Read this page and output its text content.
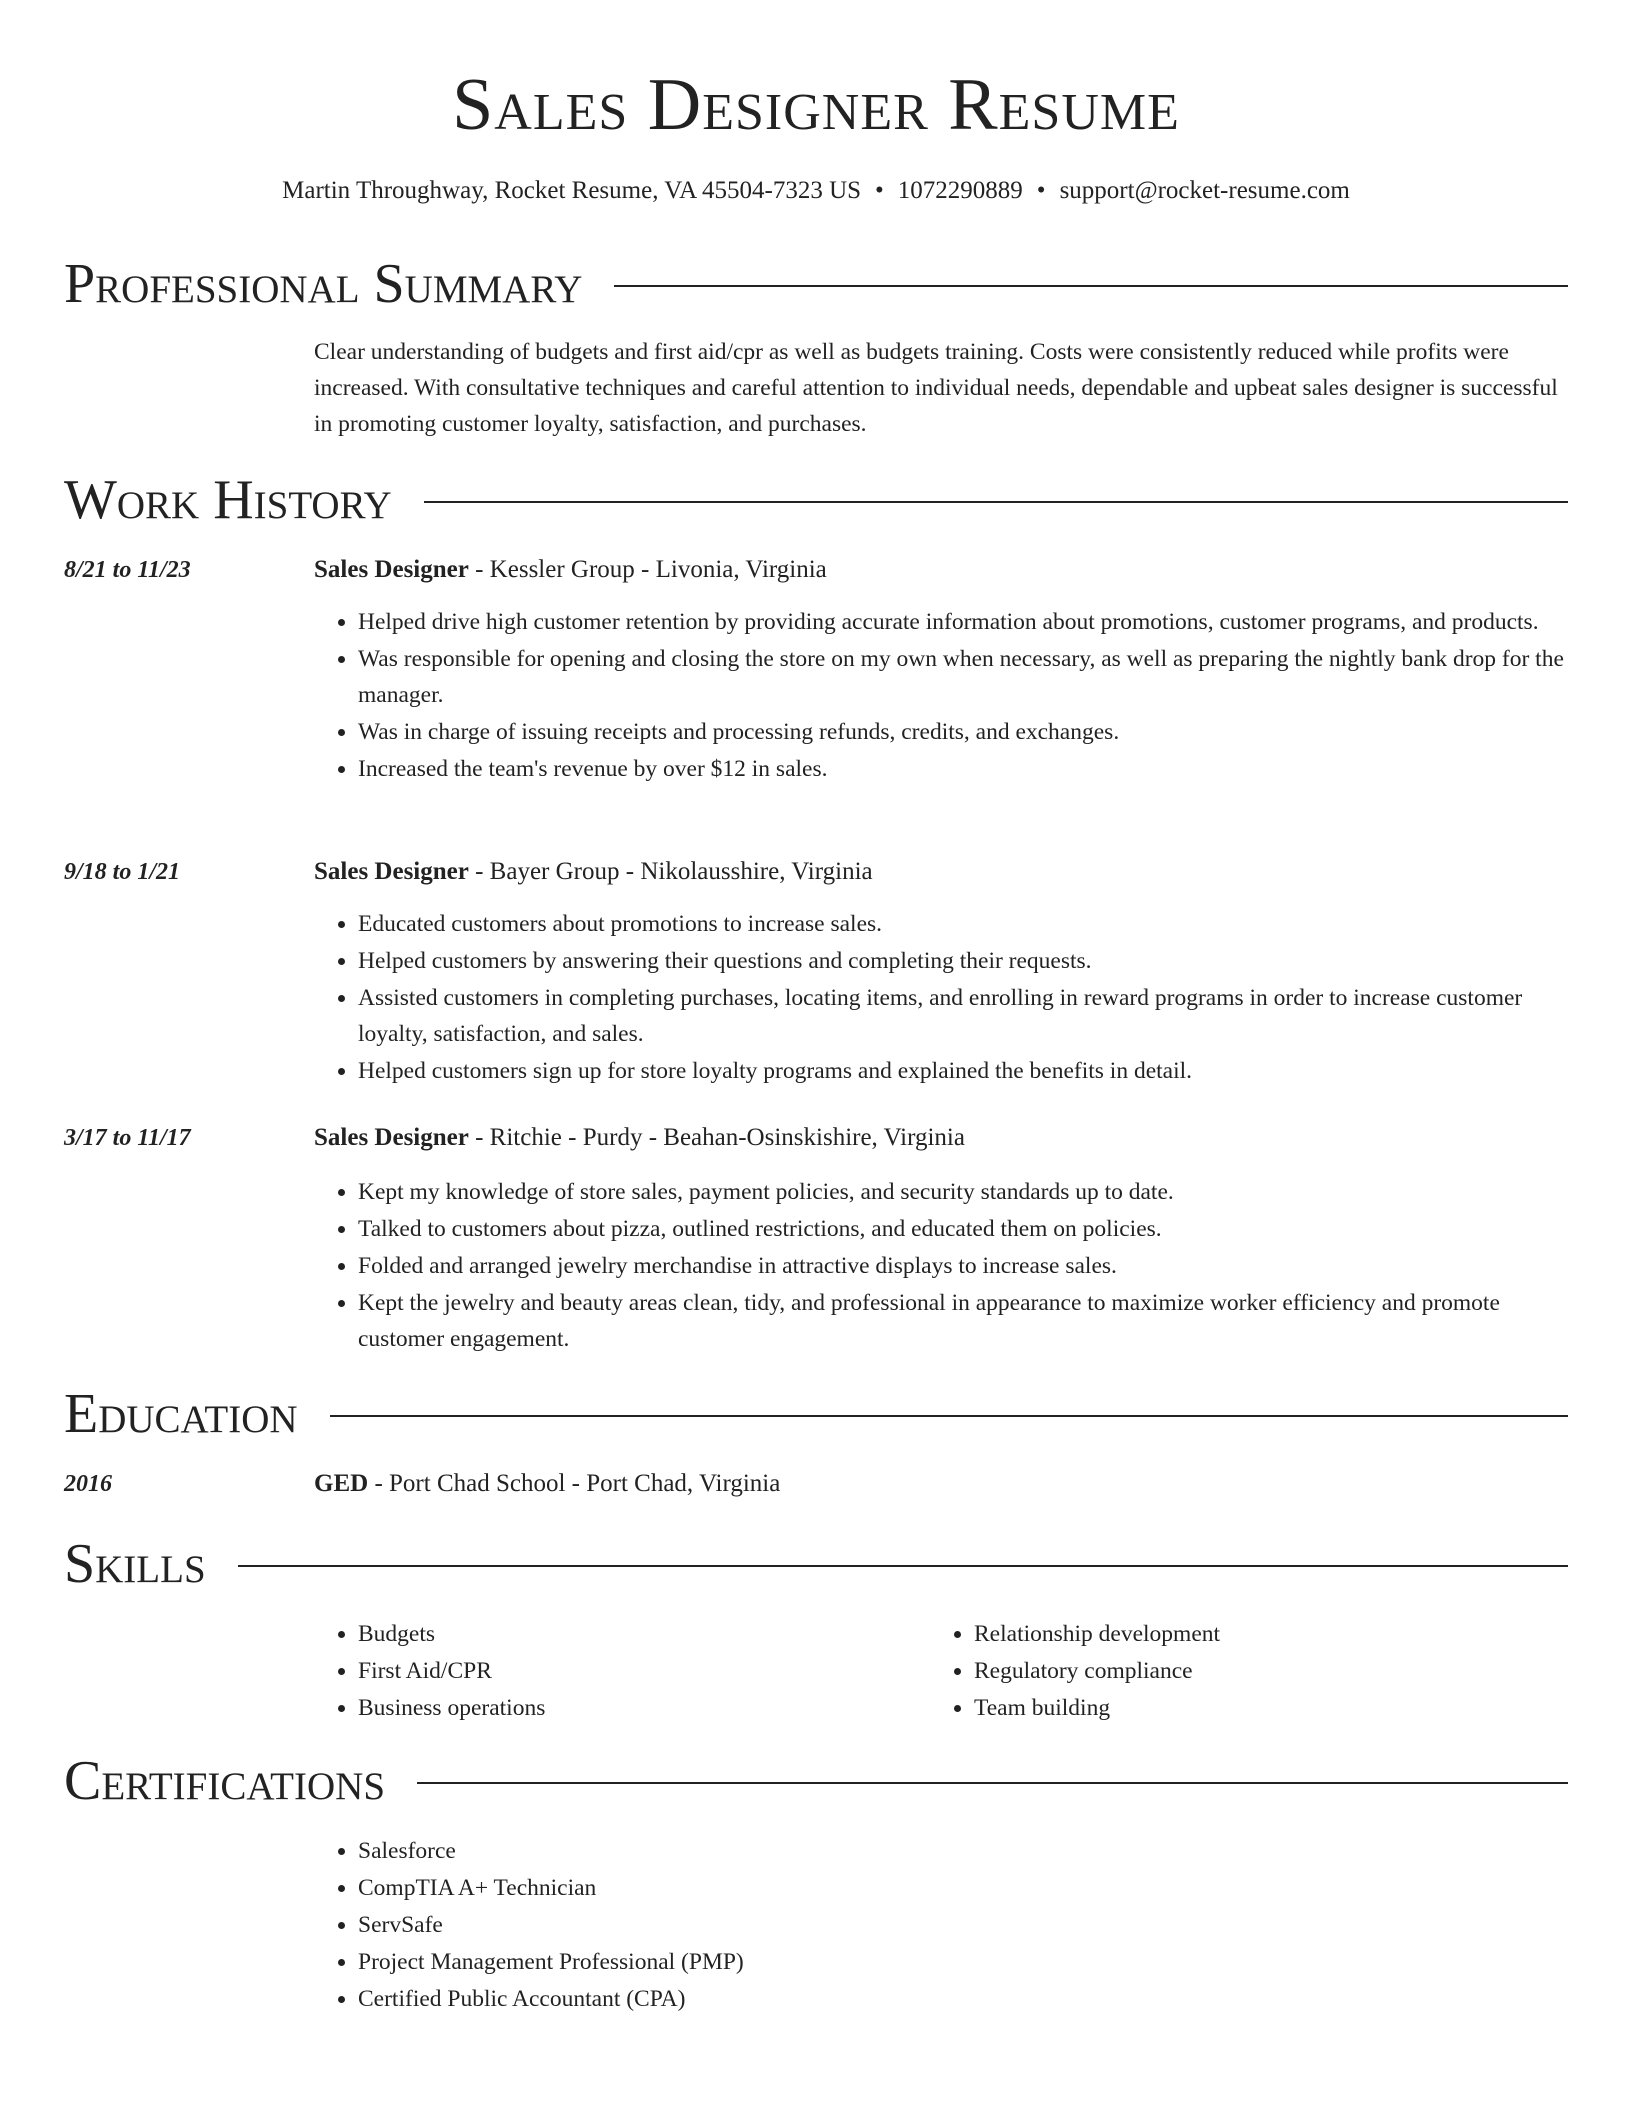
Sales Designer Resume
Martin Throughway, Rocket Resume, VA 45504-7323 US • 1072290889 • support@rocket-resume.com
Professional Summary
Clear understanding of budgets and first aid/cpr as well as budgets training. Costs were consistently reduced while profits were increased. With consultative techniques and careful attention to individual needs, dependable and upbeat sales designer is successful in promoting customer loyalty, satisfaction, and purchases.
Work History
8/21 to 11/23	Sales Designer - Kessler Group - Livonia, Virginia
• Helped drive high customer retention by providing accurate information about promotions, customer programs, and products.
• Was responsible for opening and closing the store on my own when necessary, as well as preparing the nightly bank drop for the manager.
• Was in charge of issuing receipts and processing refunds, credits, and exchanges.
• Increased the team's revenue by over $12 in sales.
9/18 to 1/21	Sales Designer - Bayer Group - Nikolausshire, Virginia
• Educated customers about promotions to increase sales.
• Helped customers by answering their questions and completing their requests.
• Assisted customers in completing purchases, locating items, and enrolling in reward programs in order to increase customer loyalty, satisfaction, and sales.
• Helped customers sign up for store loyalty programs and explained the benefits in detail.
3/17 to 11/17	Sales Designer - Ritchie - Purdy - Beahan-Osinskishire, Virginia
• Kept my knowledge of store sales, payment policies, and security standards up to date.
• Talked to customers about pizza, outlined restrictions, and educated them on policies.
• Folded and arranged jewelry merchandise in attractive displays to increase sales.
• Kept the jewelry and beauty areas clean, tidy, and professional in appearance to maximize worker efficiency and promote customer engagement.
Education
2016	GED - Port Chad School - Port Chad, Virginia
Skills
• Budgets
• First Aid/CPR
• Business operations
• Relationship development
• Regulatory compliance
• Team building
Certifications
• Salesforce
• CompTIA A+ Technician
• ServSafe
• Project Management Professional (PMP)
• Certified Public Accountant (CPA)
